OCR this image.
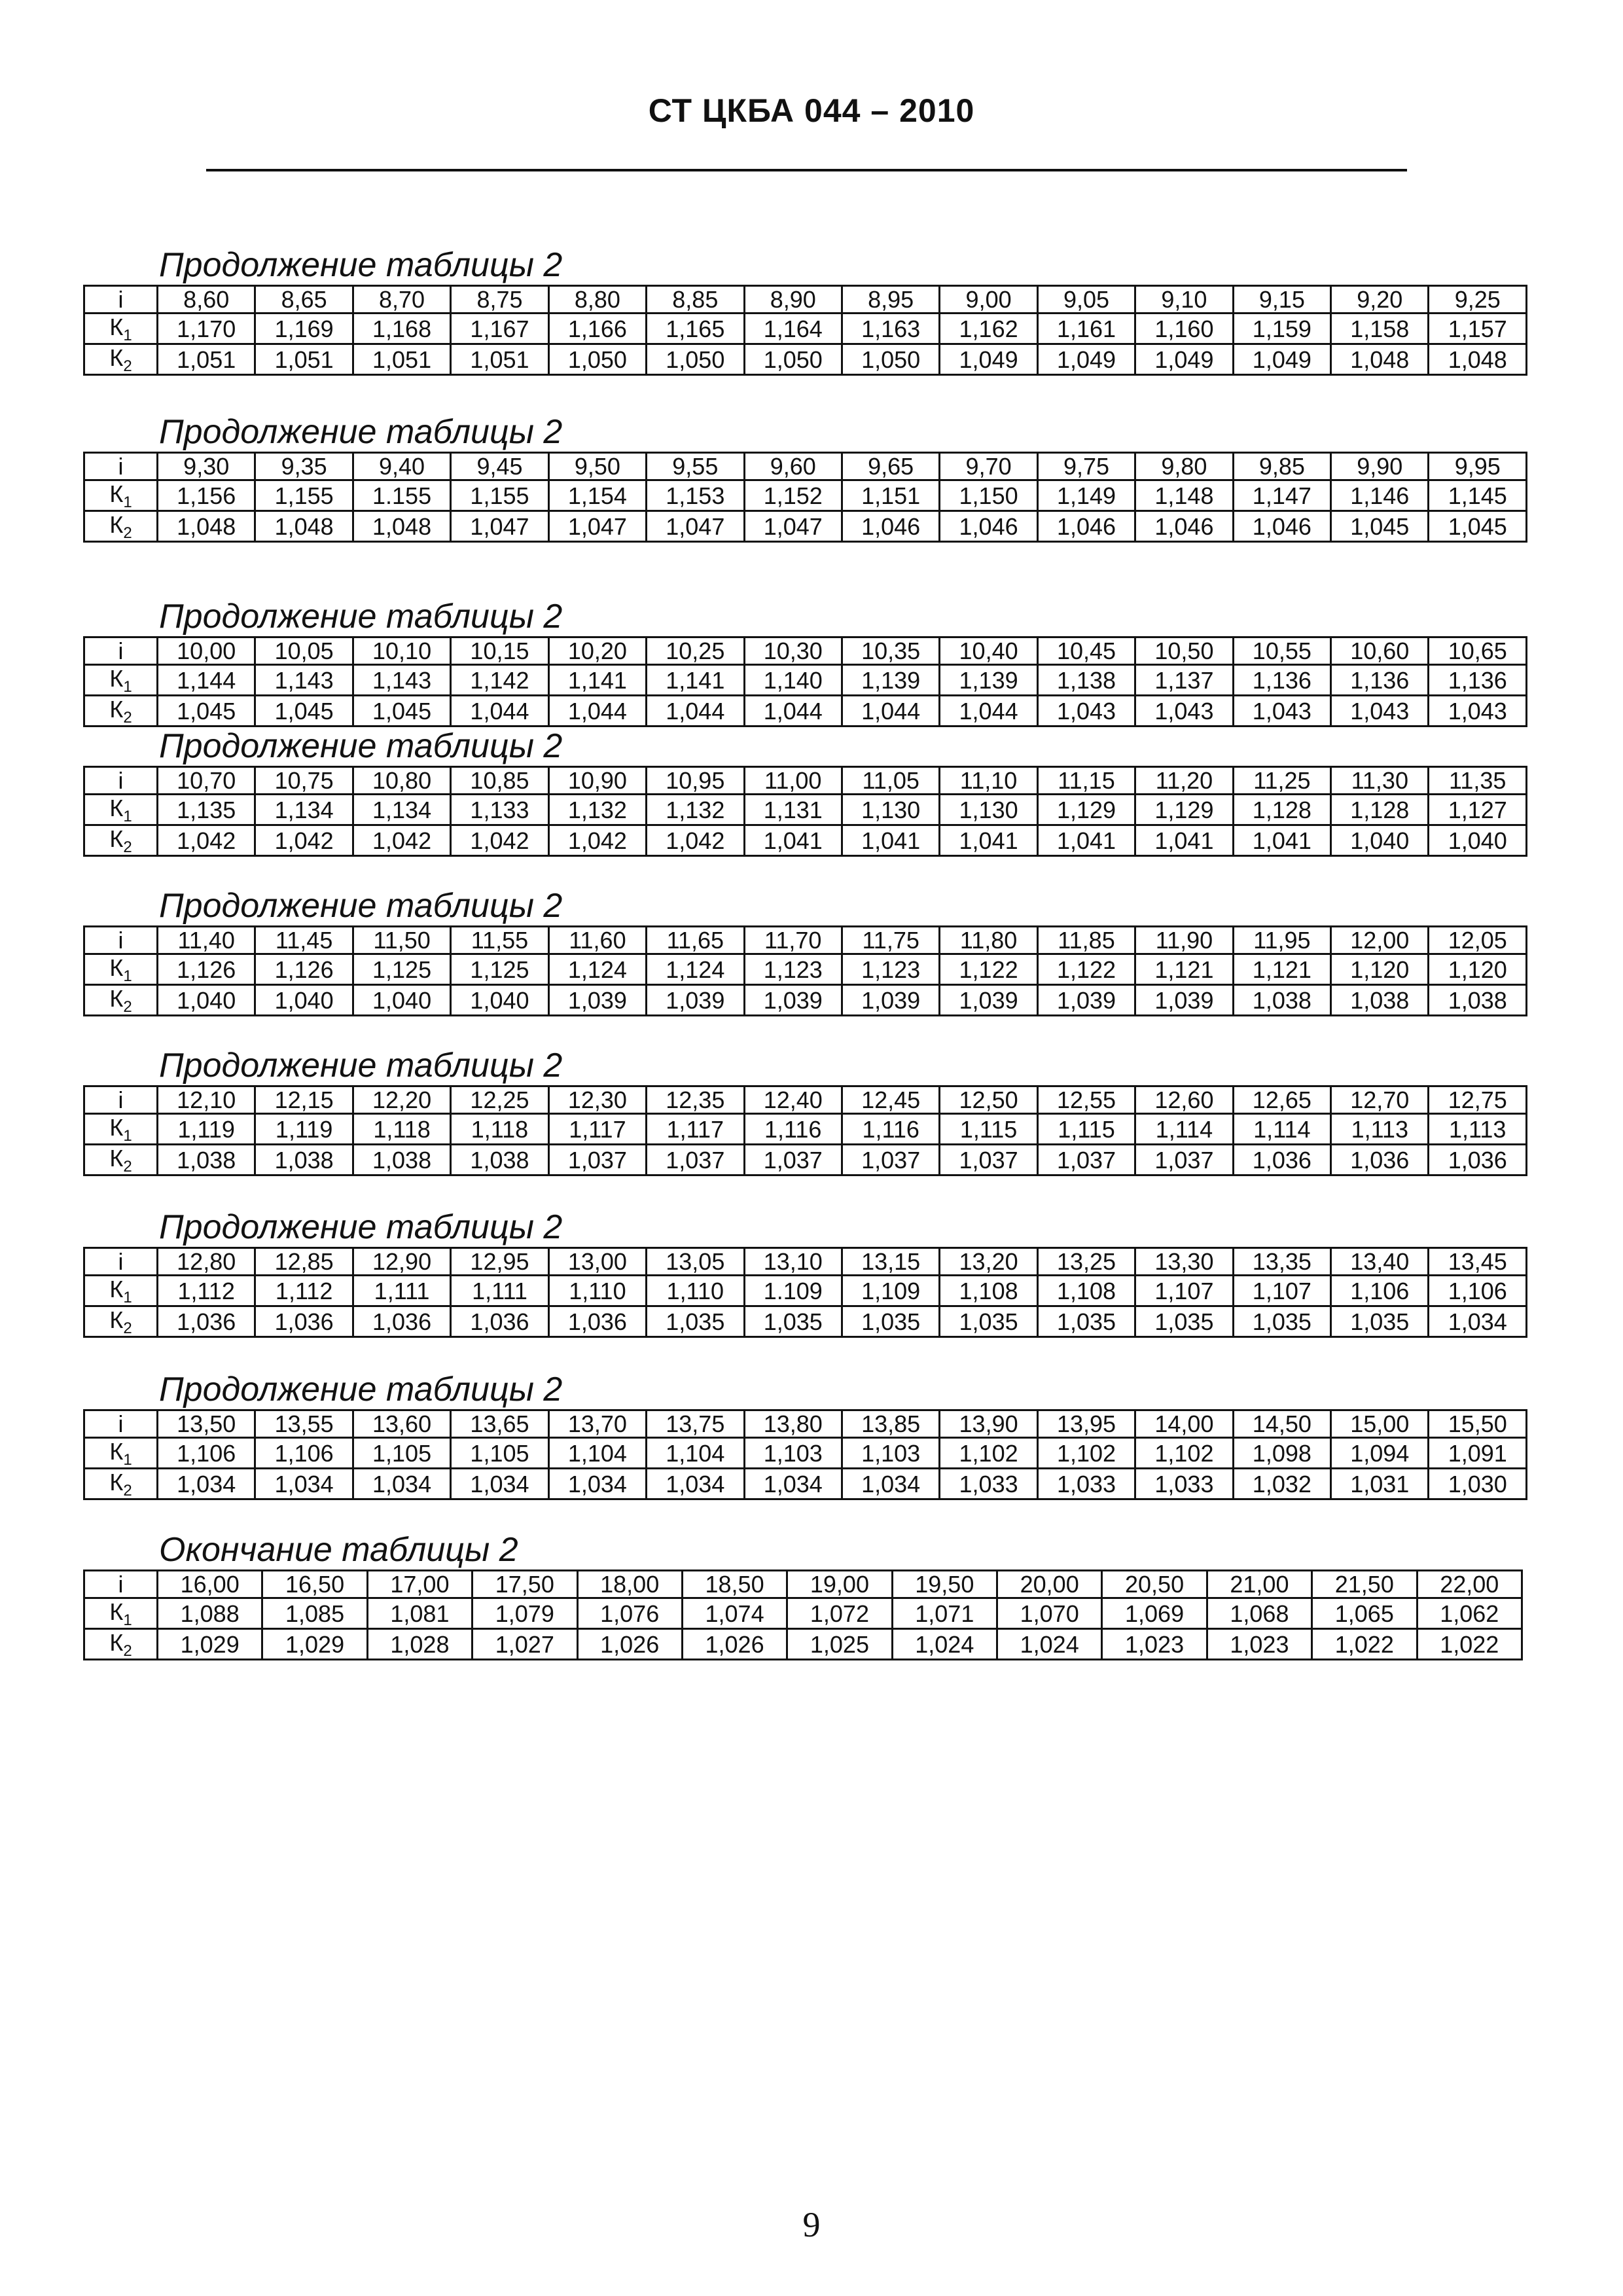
СТ ЦКБА 044 – 2010
Продолжение таблицы 2
i	8,60	8,65	8,70	8,75	8,80	8,85	8,90	8,95	9,00	9,05	9,10	9,15	9,20	9,25
$К_1$	1,170	1,169	1,168	1,167	1,166	1,165	1,164	1,163	1,162	1,161	1,160	1,159	1,158	1,157
$К_2$	1,051	1,051	1,051	1,051	1,050	1,050	1,050	1,050	1,049	1,049	1,049	1,049	1,048	1,048
Продолжение таблицы 2
i	9,30	9,35	9,40	9,45	9,50	9,55	9,60	9,65	9,70	9,75	9,80	9,85	9,90	9,95
$К_1$	1,156	1,155	1.155	1,155	1,154	1,153	1,152	1,151	1,150	1,149	1,148	1,147	1,146	1,145
$К_2$	1,048	1,048	1,048	1,047	1,047	1,047	1,047	1,046	1,046	1,046	1,046	1,046	1,045	1,045
Продолжение таблицы 2
i	10,00	10,05	10,10	10,15	10,20	10,25	10,30	10,35	10,40	10,45	10,50	10,55	10,60	10,65
$К_1$	1,144	1,143	1,143	1,142	1,141	1,141	1,140	1,139	1,139	1,138	1,137	1,136	1,136	1,136
$К_2$	1,045	1,045	1,045	1,044	1,044	1,044	1,044	1,044	1,044	1,043	1,043	1,043	1,043	1,043
Продолжение таблицы 2
i	10,70	10,75	10,80	10,85	10,90	10,95	11,00	11,05	11,10	11,15	11,20	11,25	11,30	11,35
$К_1$	1,135	1,134	1,134	1,133	1,132	1,132	1,131	1,130	1,130	1,129	1,129	1,128	1,128	1,127
$К_2$	1,042	1,042	1,042	1,042	1,042	1,042	1,041	1,041	1,041	1,041	1,041	1,041	1,040	1,040
Продолжение таблицы 2
i	11,40	11,45	11,50	11,55	11,60	11,65	11,70	11,75	11,80	11,85	11,90	11,95	12,00	12,05
$К_1$	1,126	1,126	1,125	1,125	1,124	1,124	1,123	1,123	1,122	1,122	1,121	1,121	1,120	1,120
$К_2$	1,040	1,040	1,040	1,040	1,039	1,039	1,039	1,039	1,039	1,039	1,039	1,038	1,038	1,038
Продолжение таблицы 2
i	12,10	12,15	12,20	12,25	12,30	12,35	12,40	12,45	12,50	12,55	12,60	12,65	12,70	12,75
$К_1$	1,119	1,119	1,118	1,118	1,117	1,117	1,116	1,116	1,115	1,115	1,114	1,114	1,113	1,113
$К_2$	1,038	1,038	1,038	1,038	1,037	1,037	1,037	1,037	1,037	1,037	1,037	1,036	1,036	1,036
Продолжение таблицы 2
i	12,80	12,85	12,90	12,95	13,00	13,05	13,10	13,15	13,20	13,25	13,30	13,35	13,40	13,45
$К_1$	1,112	1,112	1,111	1,111	1,110	1,110	1.109	1,109	1,108	1,108	1,107	1,107	1,106	1,106
$К_2$	1,036	1,036	1,036	1,036	1,036	1,035	1,035	1,035	1,035	1,035	1,035	1,035	1,035	1,034
Продолжение таблицы 2
i	13,50	13,55	13,60	13,65	13,70	13,75	13,80	13,85	13,90	13,95	14,00	14,50	15,00	15,50
$К_1$	1,106	1,106	1,105	1,105	1,104	1,104	1,103	1,103	1,102	1,102	1,102	1,098	1,094	1,091
$К_2$	1,034	1,034	1,034	1,034	1,034	1,034	1,034	1,034	1,033	1,033	1,033	1,032	1,031	1,030
Окончание таблицы 2
i	16,00	16,50	17,00	17,50	18,00	18,50	19,00	19,50	20,00	20,50	21,00	21,50	22,00
$К_1$	1,088	1,085	1,081	1,079	1,076	1,074	1,072	1,071	1,070	1,069	1,068	1,065	1,062
$К_2$	1,029	1,029	1,028	1,027	1,026	1,026	1,025	1,024	1,024	1,023	1,023	1,022	1,022
9
